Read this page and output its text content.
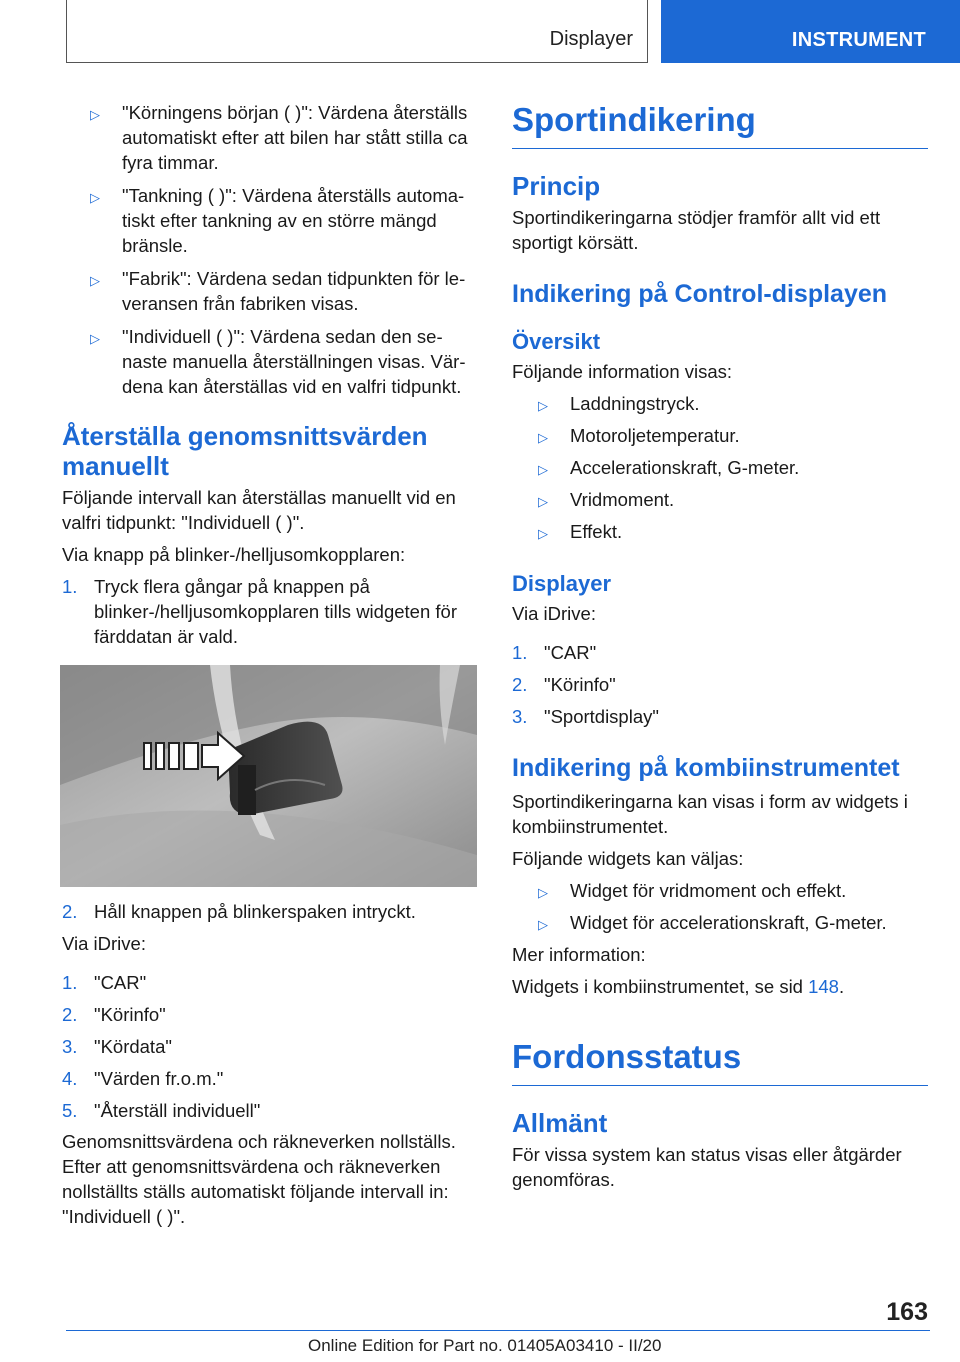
Displayer	INSTRUMENT
▷ "Körningens början ( )": Värdena återställs automatiskt efter att bilen har stått stilla ca fyra timmar.
▷ "Tankning ( )": Värdena återställs automatiskt efter tankning av en större mängd bränsle.
▷ "Fabrik": Värdena sedan tidpunkten för leveransen från fabriken visas.
▷ "Individuell ( )": Värdena sedan den senaste manuella återställningen visas. Värdena kan återställas vid en valfri tidpunkt.
Återställa genomsnittsvärden manuellt

Följande intervall kan återställas manuellt vid en valfri tidpunkt: "Individuell ( )".

Via knapp på blinker-/helljusomkopplaren:

1. Tryck flera gångar på knappen på blinker-/helljusomkopplaren tills widgeten för färddatan är vald.
2. Håll knappen på blinkerspaken intryckt.

Via iDrive:

1. "CAR"
2. "Körinfo"
3. "Kördata"
4. "Värden fr.o.m."
5. "Återställ individuell"

Genomsnittsvärdena och räkneverken nollställs. Efter att genomsnittsvärdena och räkneverken nollställts ställs automatiskt följande intervall in: "Individuell ( )".

Sportindikering
Princip

Sportindikeringarna stödjer framför allt vid ett sportigt körsätt.

Indikering på Control-displayen
Översikt

Följande information visas:

▷ Laddningstryck.
▷ Motoroljetemperatur.
▷ Accelerationskraft, G-meter.
▷ Vridmoment.
▷ Effekt.
Displayer

Via iDrive:

1. "CAR"
2. "Körinfo"
3. "Sportdisplay"
Indikering på kombiinstrumentet

Sportindikeringarna kan visas i form av widgets i kombiinstrumentet.

Följande widgets kan väljas:

▷ Widget för vridmoment och effekt.
▷ Widget för accelerationskraft, G-meter.

Mer information:

Widgets i kombiinstrumentet, se sid 148.

Fordonsstatus
Allmänt

För vissa system kan status visas eller åtgärder genomföras.

163
Online Edition for Part no. 01405A03410 - II/20
